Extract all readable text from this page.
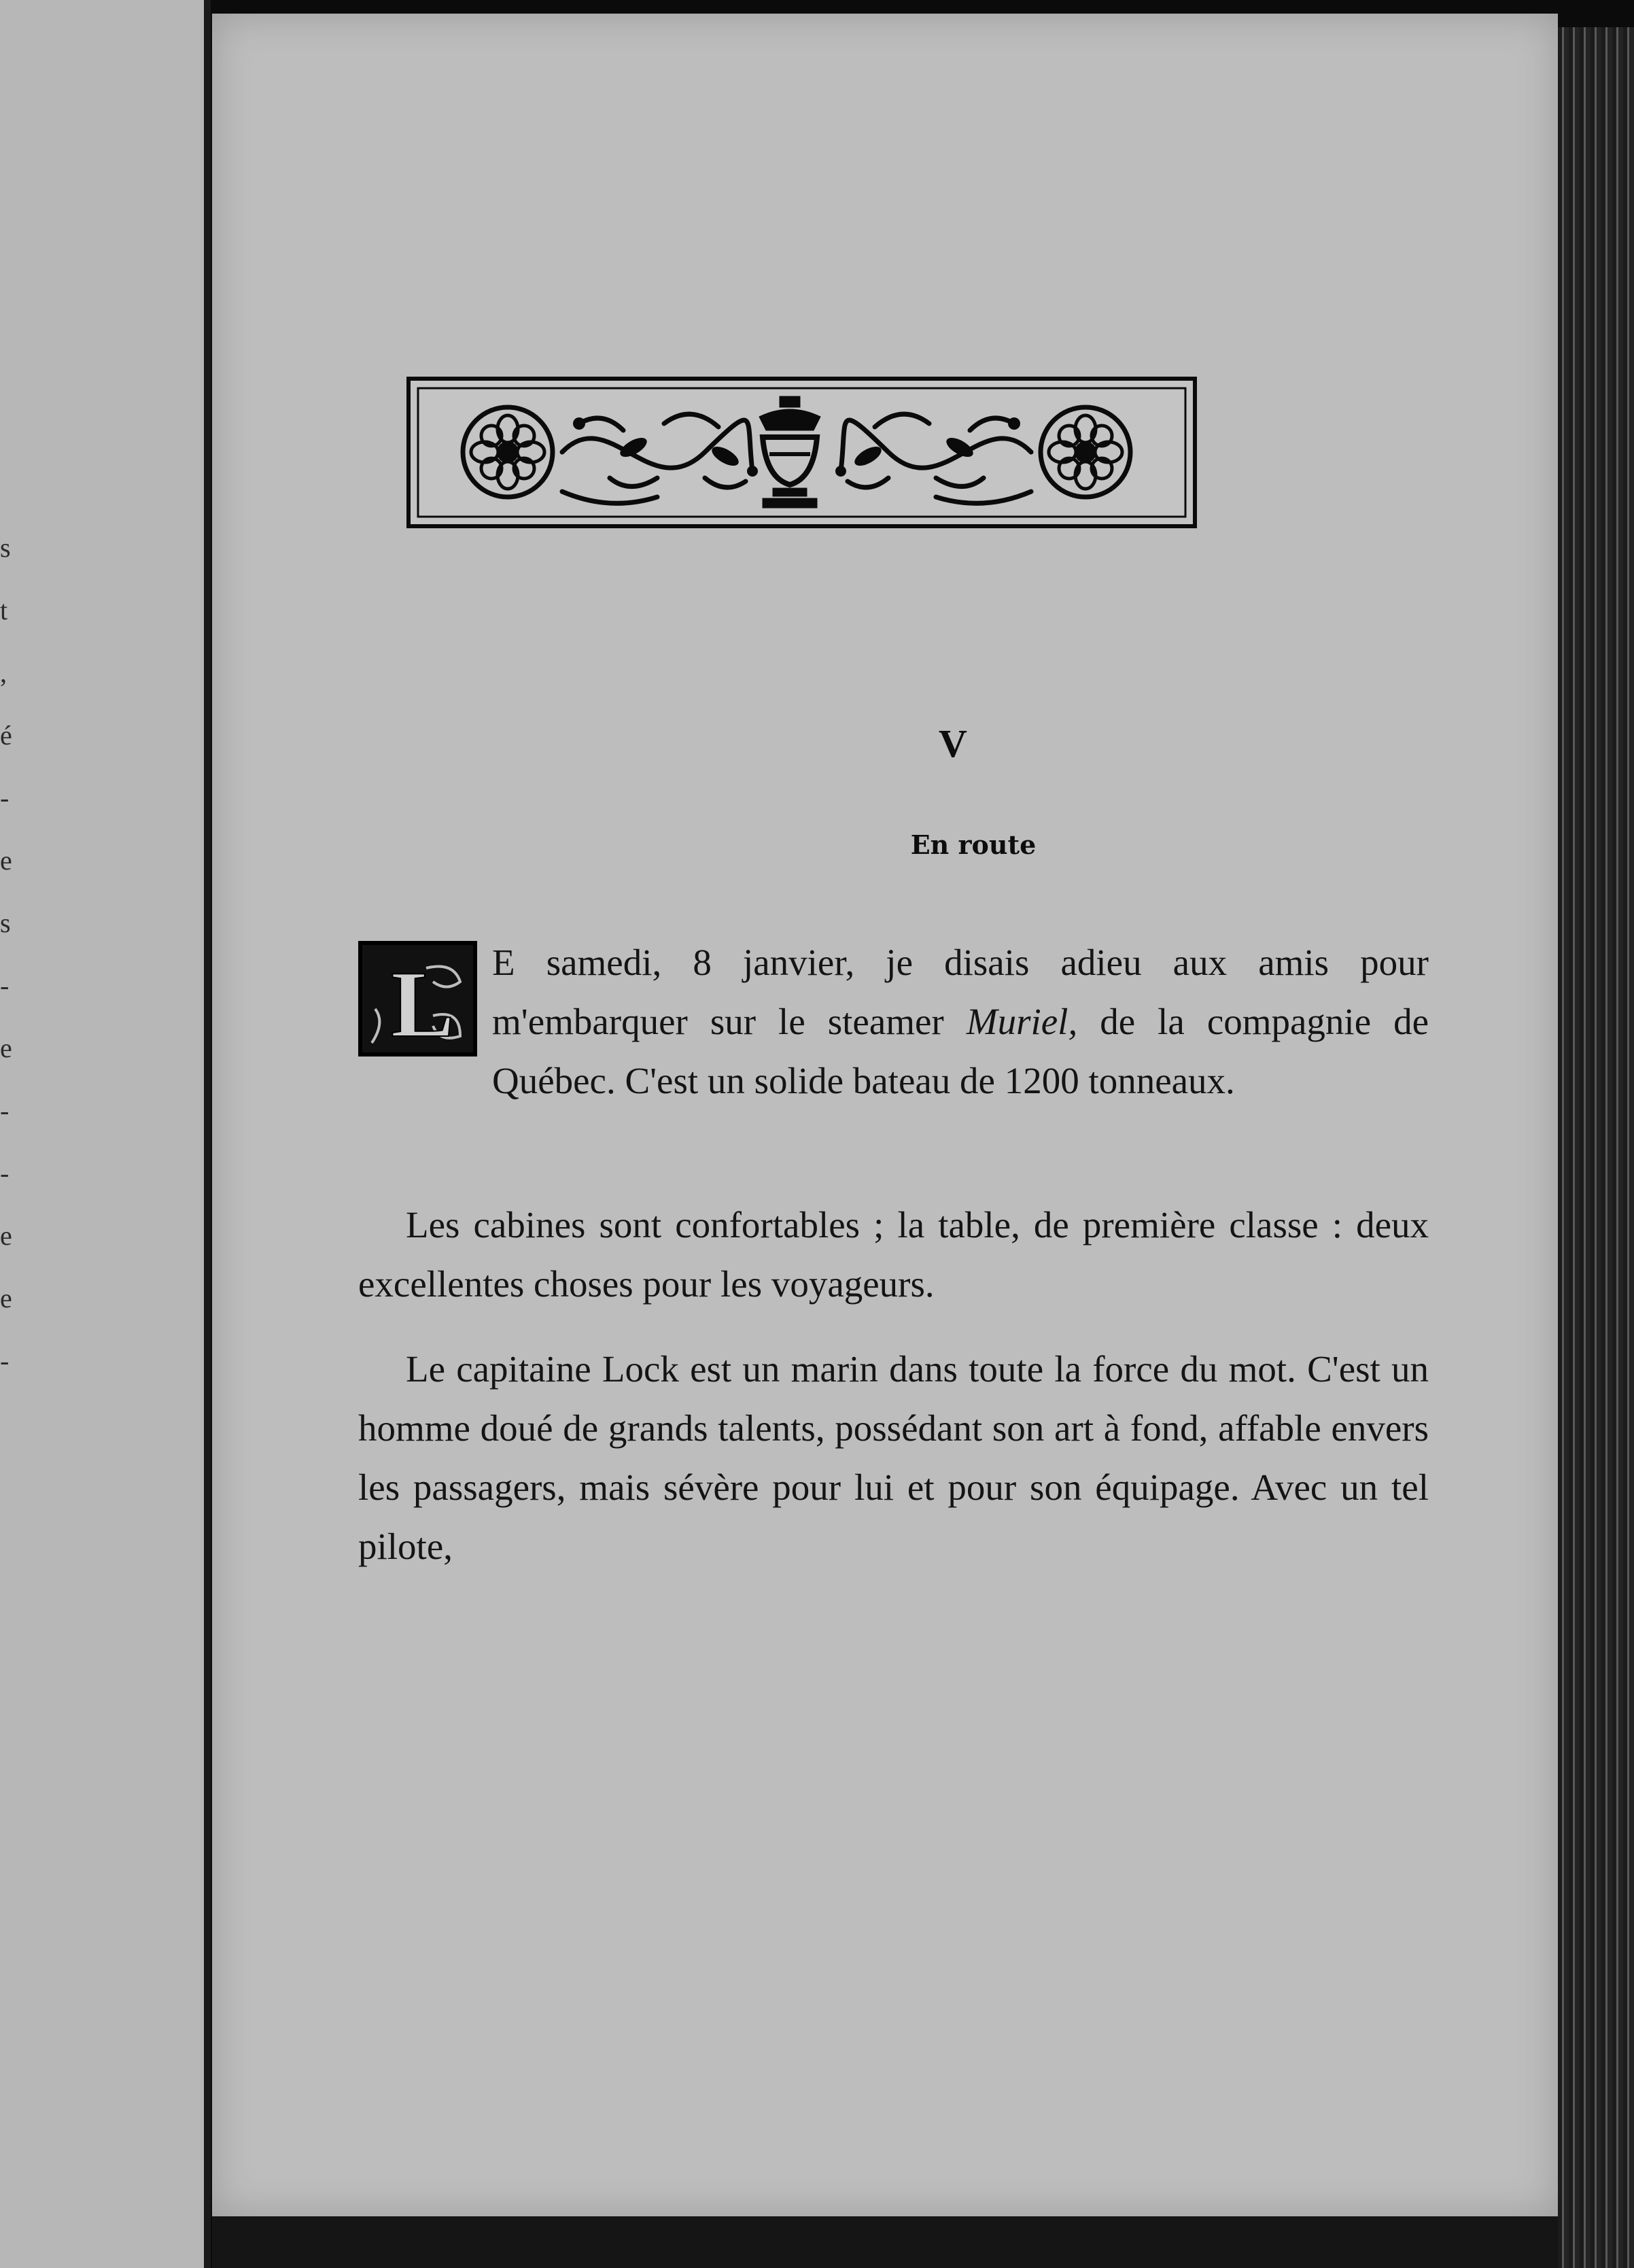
s
t
,
é
-
e
s
-
e
-
-
e
e
-
V
En route

L E samedi, 8 janvier, je disais adieu aux amis pour m'embarquer sur le steamer Muriel, de la compagnie de Québec. C'est un solide bateau de 1200 tonneaux.

Les cabines sont confortables ; la table, de première classe : deux excellentes choses pour les voyageurs.

Le capitaine Lock est un marin dans toute la force du mot. C'est un homme doué de grands talents, possédant son art à fond, affable envers les passagers, mais sévère pour lui et pour son équipage. Avec un tel pilote,
